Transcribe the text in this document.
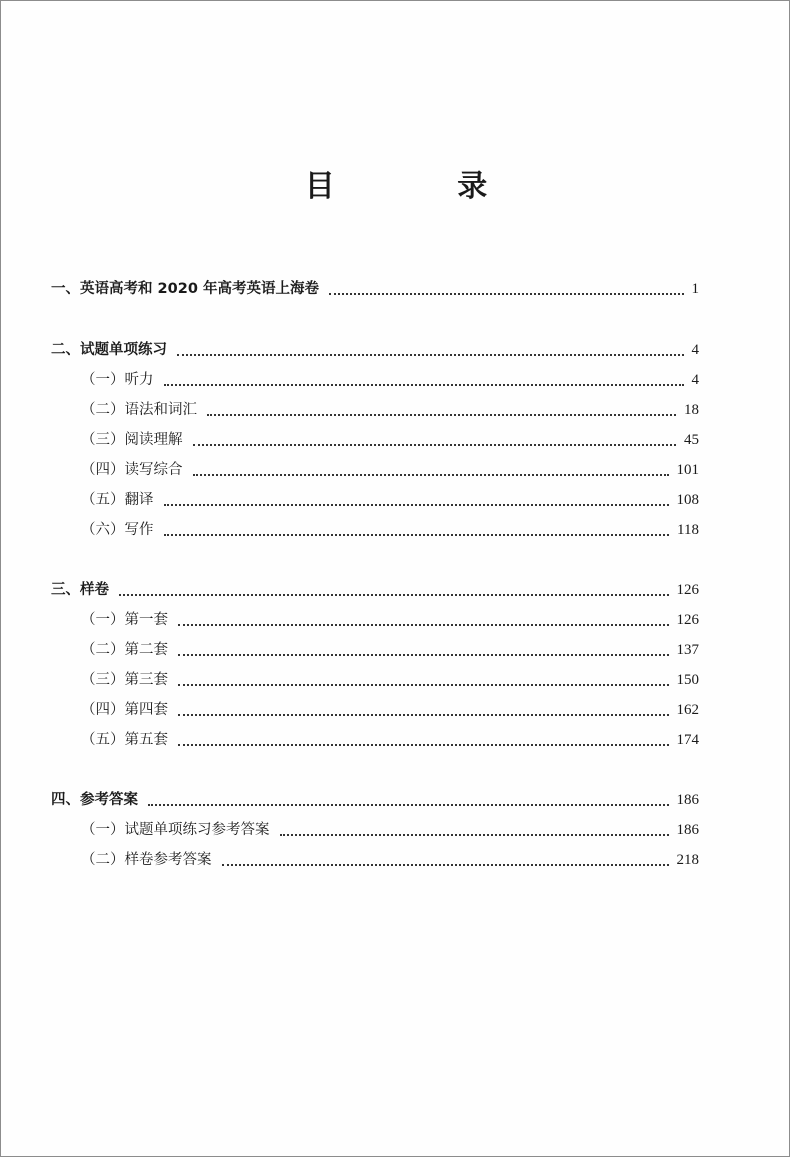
目 录
一、英语高考和 2020 年高考英语上海卷	1
二、试题单项练习	4
（一）听力	4
（二）语法和词汇	18
（三）阅读理解	45
（四）读写综合	101
（五）翻译	108
（六）写作	118
三、样卷	126
（一）第一套	126
（二）第二套	137
（三）第三套	150
（四）第四套	162
（五）第五套	174
四、参考答案	186
（一）试题单项练习参考答案	186
（二）样卷参考答案	218
